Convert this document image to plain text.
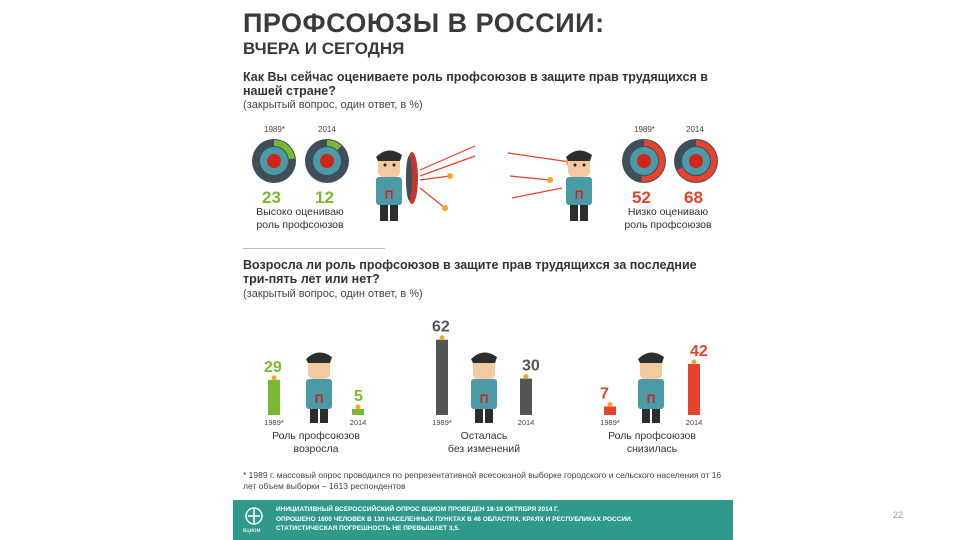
ПРОФСОЮЗЫ В РОССИИ:
ВЧЕРА И СЕГОДНЯ
Как Вы сейчас оцениваете роль профсоюзов в защите прав трудящихся в нашей стране?
(закрытый вопрос, один ответ, в %)
1989*	2014
23 12
Высоко оцениваю
роль профсоюзов
П	П
1989*	2014
52 68
Низко оцениваю
роль профсоюзов
Возросла ли роль профсоюзов в защите прав трудящихся за последние три-пять лет или нет?
(закрытый вопрос, один ответ, в %)
29
1989*
5
2014
Роль профсоюзов
возросла
62
1989*
30
2014
Осталась
без изменений
7
1989*
42
2014
Роль профсоюзов
снизилась
П	П	П
* 1989 г. массовый опрос проводился по репрезентативной всесоюзной выборке городского и сельского населения от 16 лет объем выборки – 1613 респондентов
вциом
ИНИЦИАТИВНЫЙ ВСЕРОССИЙСКИЙ ОПРОС ВЦИОМ ПРОВЕДЕН 18-19 ОКТЯБРЯ 2014 Г.
ОПРОШЕНО 1600 ЧЕЛОВЕК В 130 НАСЕЛЕННЫХ ПУНКТАХ В 46 ОБЛАСТЯХ, КРАЯХ И РЕСПУБЛИКАХ РОССИИ.
СТАТИСТИЧЕСКАЯ ПОГРЕШНОСТЬ НЕ ПРЕВЫШАЕТ 3,5.
22
